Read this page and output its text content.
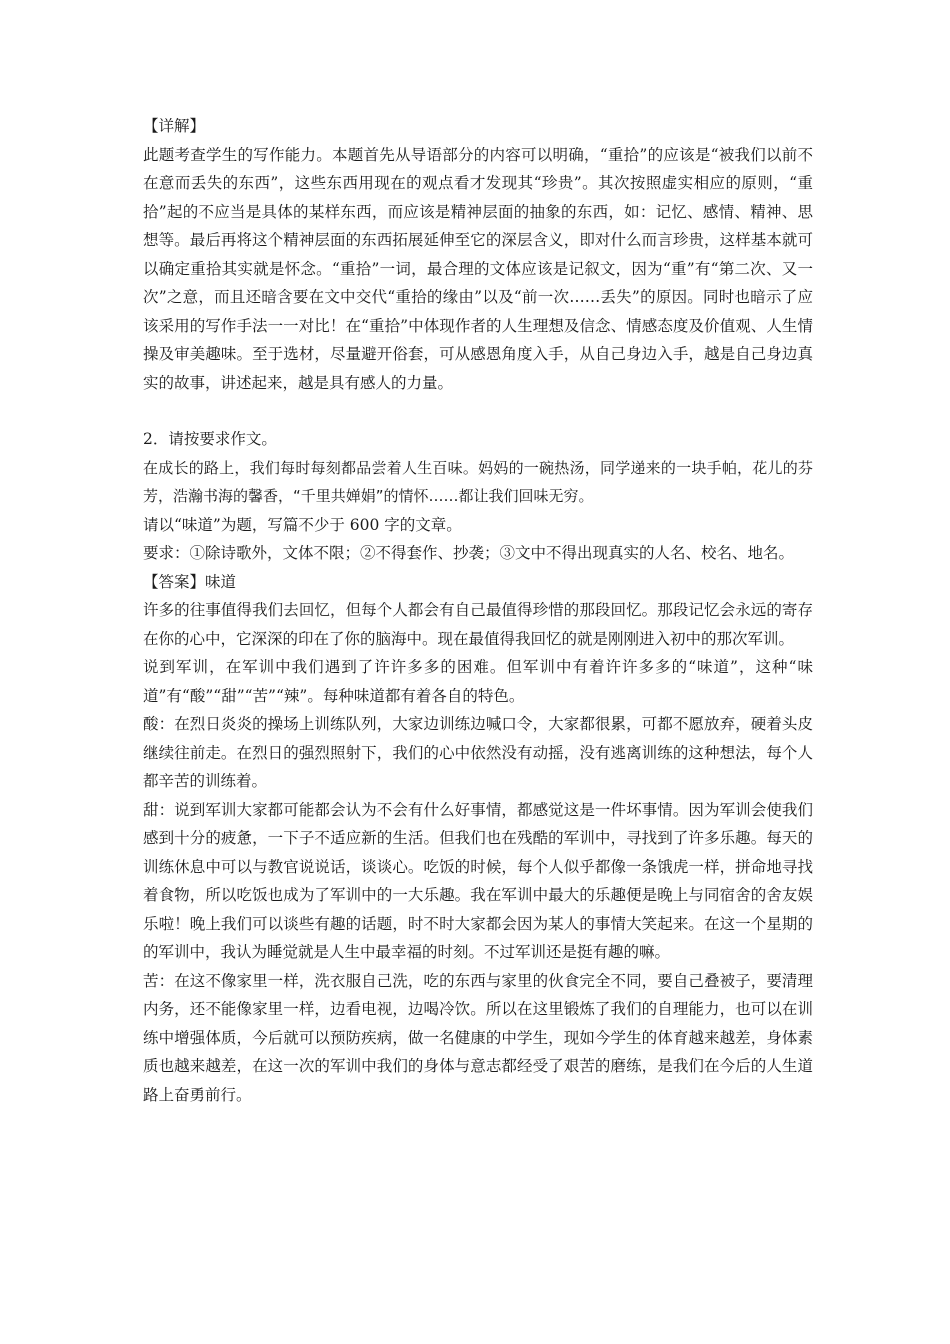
【详解】

此题考查学生的写作能力。本题首先从导语部分的内容可以明确，“重拾”的应该是“被我们以前不在意而丢失的东西”，这些东西用现在的观点看才发现其“珍贵”。其次按照虚实相应的原则，“重拾”起的不应当是具体的某样东西，而应该是精神层面的抽象的东西，如：记忆、感情、精神、思想等。最后再将这个精神层面的东西拓展延伸至它的深层含义，即对什么而言珍贵，这样基本就可以确定重拾其实就是怀念。“重拾”一词，最合理的文体应该是记叙文，因为“重”有“第二次、又一次”之意，而且还暗含要在文中交代“重拾的缘由”以及“前一次……丢失”的原因。同时也暗示了应该采用的写作手法一一对比！在“重拾”中体现作者的人生理想及信念、情感态度及价值观、人生情操及审美趣味。至于选材，尽量避开俗套，可从感恩角度入手，从自己身边入手，越是自己身边真实的故事，讲述起来，越是具有感人的力量。

2．请按要求作文。

在成长的路上，我们每时每刻都品尝着人生百味。妈妈的一碗热汤，同学递来的一块手帕，花儿的芬芳，浩瀚书海的馨香，“千里共婵娟”的情怀……都让我们回味无穷。

请以“味道”为题，写篇不少于 600 字的文章。

要求：①除诗歌外，文体不限；②不得套作、抄袭；③文中不得出现真实的人名、校名、地名。

【答案】味道

许多的往事值得我们去回忆，但每个人都会有自己最值得珍惜的那段回忆。那段记忆会永远的寄存在你的心中，它深深的印在了你的脑海中。现在最值得我回忆的就是刚刚进入初中的那次军训。

说到军训，在军训中我们遇到了许许多多的困难。但军训中有着许许多多的“味道”，这种“味道”有“酸”“甜”“苦”“辣”。每种味道都有着各自的特色。

酸：在烈日炎炎的操场上训练队列，大家边训练边喊口令，大家都很累，可都不愿放弃，硬着头皮继续往前走。在烈日的强烈照射下，我们的心中依然没有动摇，没有逃离训练的这种想法，每个人都辛苦的训练着。

甜：说到军训大家都可能都会认为不会有什么好事情，都感觉这是一件坏事情。因为军训会使我们感到十分的疲惫，一下子不适应新的生活。但我们也在残酷的军训中，寻找到了许多乐趣。每天的训练休息中可以与教官说说话，谈谈心。吃饭的时候，每个人似乎都像一条饿虎一样，拼命地寻找着食物，所以吃饭也成为了军训中的一大乐趣。我在军训中最大的乐趣便是晚上与同宿舍的舍友娱乐啦！晚上我们可以谈些有趣的话题，时不时大家都会因为某人的事情大笑起来。在这一个星期的的军训中，我认为睡觉就是人生中最幸福的时刻。不过军训还是挺有趣的嘛。

苦：在这不像家里一样，洗衣服自己洗，吃的东西与家里的伙食完全不同，要自己叠被子，要清理内务，还不能像家里一样，边看电视，边喝冷饮。所以在这里锻炼了我们的自理能力，也可以在训练中增强体质，今后就可以预防疾病，做一名健康的中学生，现如今学生的体育越来越差，身体素质也越来越差，在这一次的军训中我们的身体与意志都经受了艰苦的磨练，是我们在今后的人生道路上奋勇前行。
